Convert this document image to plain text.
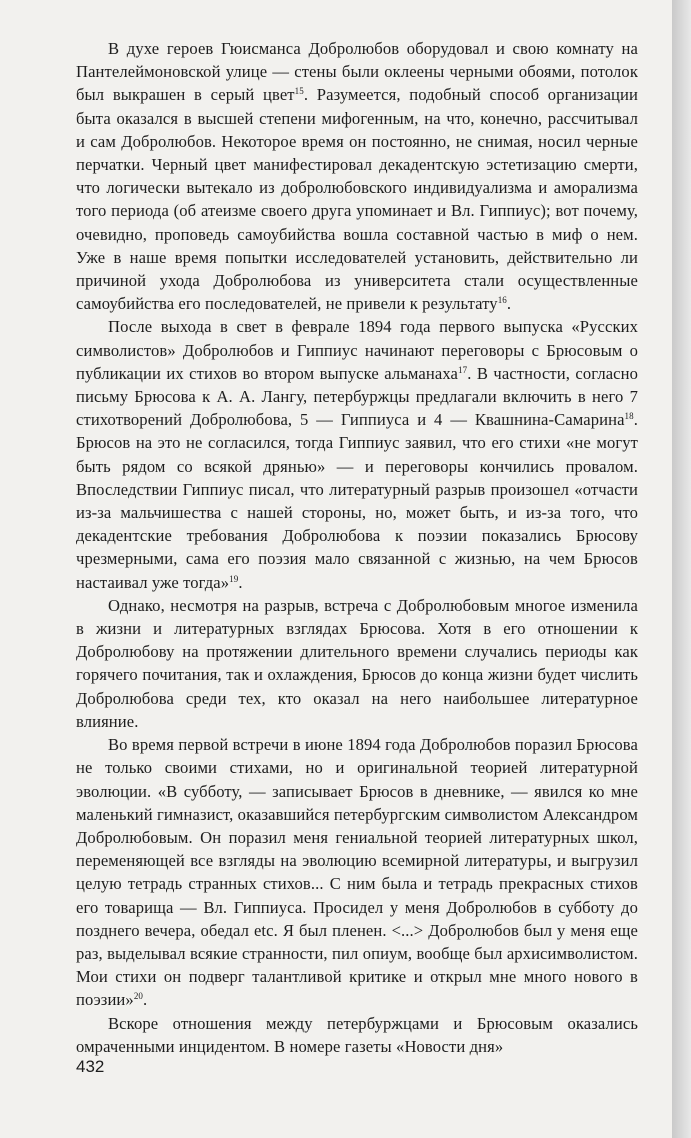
В духе героев Гюисманса Добролюбов оборудовал и свою комнату на Пантелеймоновской улице — стены были оклеены черными обоями, потолок был выкрашен в серый цвет$^{15}$. Разумеется, подобный способ организации быта оказался в высшей степени мифогенным, на что, конечно, рассчитывал и сам Добролюбов. Некоторое время он постоянно, не снимая, носил черные перчатки. Черный цвет манифестировал декадентскую эстетизацию смерти, что логически вытекало из добролюбовского индивидуализма и аморализма того периода (об атеизме своего друга упоминает и Вл. Гиппиус); вот почему, очевидно, проповедь самоубийства вошла составной частью в миф о нем. Уже в наше время попытки исследователей установить, действительно ли причиной ухода Добролюбова из университета стали осуществленные самоубийства его последователей, не привели к результату$^{16}$.

После выхода в свет в феврале 1894 года первого выпуска «Русских символистов» Добролюбов и Гиппиус начинают переговоры с Брюсовым о публикации их стихов во втором выпуске альманаха$^{17}$. В частности, согласно письму Брюсова к А. А. Лангу, петербуржцы предлагали включить в него 7 стихотворений Добролюбова, 5 — Гиппиуса и 4 — Квашнина-Самарина$^{18}$. Брюсов на это не согласился, тогда Гиппиус заявил, что его стихи «не могут быть рядом со всякой дрянью» — и переговоры кончились провалом. Впоследствии Гиппиус писал, что литературный разрыв произошел «отчасти из-за мальчишества с нашей стороны, но, может быть, и из-за того, что декадентские требования Добролюбова к поэзии показались Брюсову чрезмерными, сама его поэзия мало связанной с жизнью, на чем Брюсов настаивал уже тогда»$^{19}$.

Однако, несмотря на разрыв, встреча с Добролюбовым многое изменила в жизни и литературных взглядах Брюсова. Хотя в его отношении к Добролюбову на протяжении длительного времени случались периоды как горячего почитания, так и охлаждения, Брюсов до конца жизни будет числить Добролюбова среди тех, кто оказал на него наибольшее литературное влияние.

Во время первой встречи в июне 1894 года Добролюбов поразил Брюсова не только своими стихами, но и оригинальной теорией литературной эволюции. «В субботу, — записывает Брюсов в дневнике, — явился ко мне маленький гимназист, оказавшийся петербургским символистом Александром Добролюбовым. Он поразил меня гениальной теорией литературных школ, переменяющей все взгляды на эволюцию всемирной литературы, и выгрузил целую тетрадь странных стихов... С ним была и тетрадь прекрасных стихов его товарища — Вл. Гиппиуса. Просидел у меня Добролюбов в субботу до позднего вечера, обедал etc. Я был пленен. <...> Добролюбов был у меня еще раз, выделывал всякие странности, пил опиум, вообще был архисимволистом. Мои стихи он подверг талантливой критике и открыл мне много нового в поэзии»$^{20}$.

Вскоре отношения между петербуржцами и Брюсовым оказались омраченными инцидентом. В номере газеты «Новости дня»

432
